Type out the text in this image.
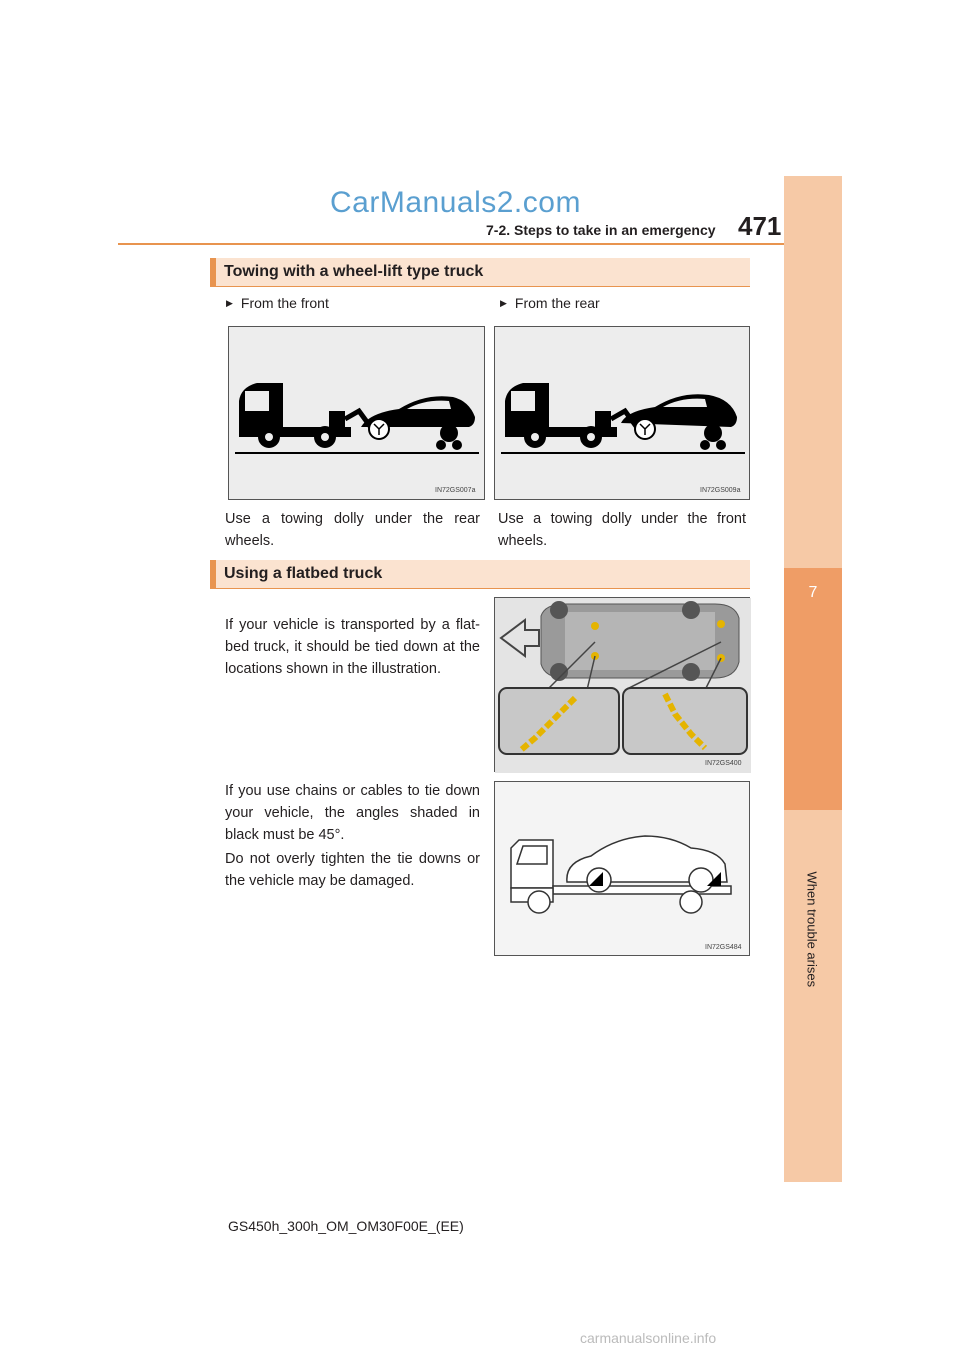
CarManuals2.com
471
7-2. Steps to take in an emergency
7
When trouble arises
Towing with a wheel-lift type truck
▶ From the front
▶	From the rear
IN72GS007a	IN72GS009a
Use a towing dolly under the rear wheels.
Use a towing dolly under the front wheels.
Using a flatbed truck
If your vehicle is transported by a flat-bed truck, it should be tied down at the locations shown in the illustration.
IN72GS400
If you use chains or cables to tie down your vehicle, the angles shaded in black must be 45°.
Do not overly tighten the tie downs or the vehicle may be damaged.
IN72GS484
GS450h_300h_OM_OM30F00E_(EE)
carmanualsonline.info
